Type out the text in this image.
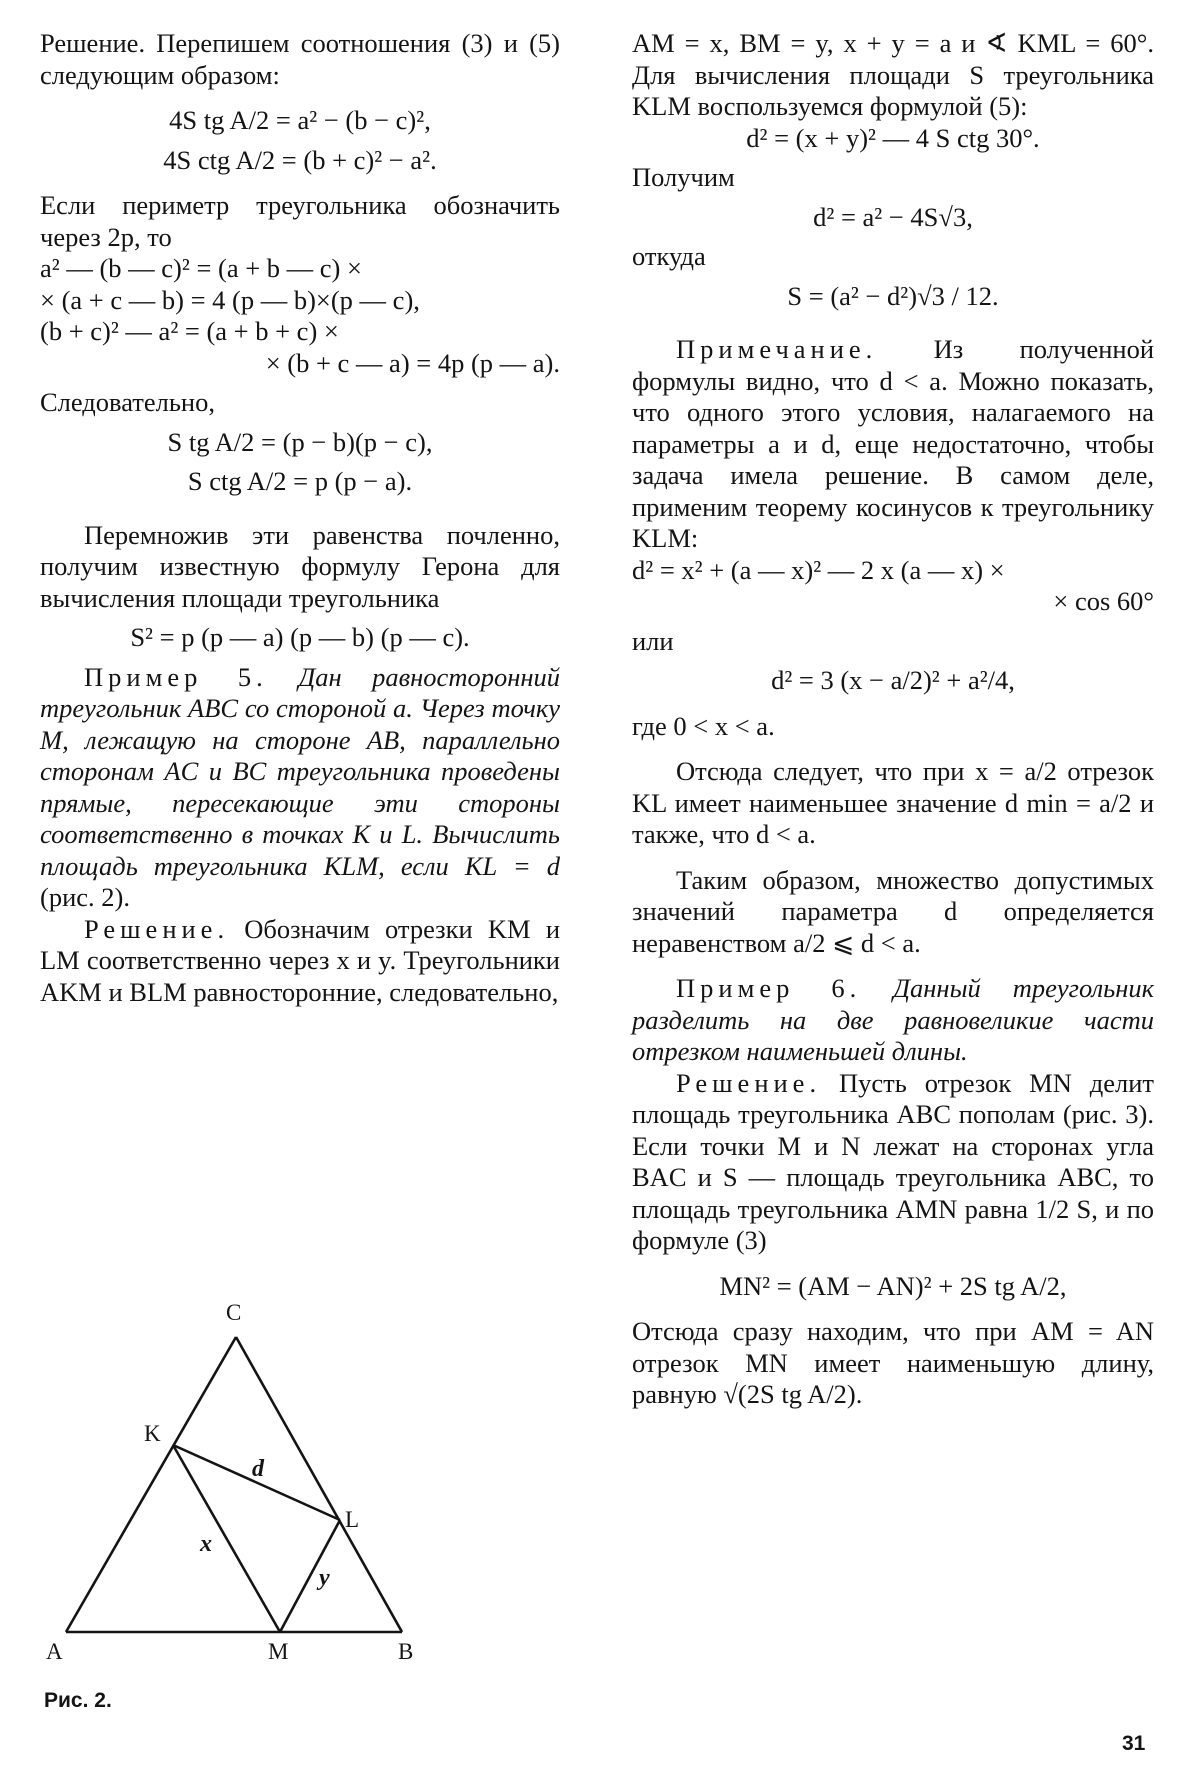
Решение. Перепишем соотношения (3) и (5) следующим образом:

4S tg A/2 = a² − (b − c)²,
4S ctg A/2 = (b + c)² − a².

Если периметр треугольника обозначить через 2p, то

a² — (b — c)² = (a + b — c) ×
× (a + c — b) = 4 (p — b)×(p — c),
(b + c)² — a² = (a + b + c) ×
× (b + c — a) = 4p (p — a).

Следовательно,

S tg A/2 = (p − b)(p − c),
S ctg A/2 = p (p − a).

Перемножив эти равенства почленно, получим известную формулу Герона для вычисления площади треугольника

S² = p (p — a) (p — b) (p — c).

Пример 5. Дан равносторонний треугольник ABC со стороной a. Через точку M, лежащую на стороне AB, параллельно сторонам AC и BC треугольника проведены прямые, пересекающие эти стороны соответственно в точках K и L. Вычислить площадь треугольника KLM, если KL = d (рис. 2).

Решение. Обозначим отрезки KM и LM соответственно через x и y. Треугольники AKM и BLM равносторонние, следовательно,

C
K
L
A	M	B
d
x
y
Рис. 2.

AM = x, BM = y, x + y = a и ∢ KML = 60°. Для вычисления площади S треугольника KLM воспользуемся формулой (5):

d² = (x + y)² — 4 S ctg 30°.

Получим

d² = a² − 4S√3,

откуда

S = (a² − d²)√3 / 12.

Примечание. Из полученной формулы видно, что d < a. Можно показать, что одного этого условия, налагаемого на параметры a и d, еще недостаточно, чтобы задача имела решение. В самом деле, применим теорему косинусов к треугольнику KLM:

d² = x² + (a — x)² — 2 x (a — x) ×
× cos 60°

или

d² = 3 (x − a/2)² + a²/4,

где 0 < x < a.

Отсюда следует, что при x = a/2 отрезок KL имеет наименьшее значение d min = a/2 и также, что d < a.

Таким образом, множество допустимых значений параметра d определяется неравенством a/2 ⩽ d < a.

Пример 6. Данный треугольник разделить на две равновеликие части отрезком наименьшей длины.

Решение. Пусть отрезок MN делит площадь треугольника ABC пополам (рис. 3). Если точки M и N лежат на сторонах угла BAC и S — площадь треугольника ABC, то площадь треугольника AMN равна 1/2 S, и по формуле (3)

MN² = (AM − AN)² + 2S tg A/2,

Отсюда сразу находим, что при AM = AN отрезок MN имеет наименьшую длину, равную √(2S tg A/2).

31
